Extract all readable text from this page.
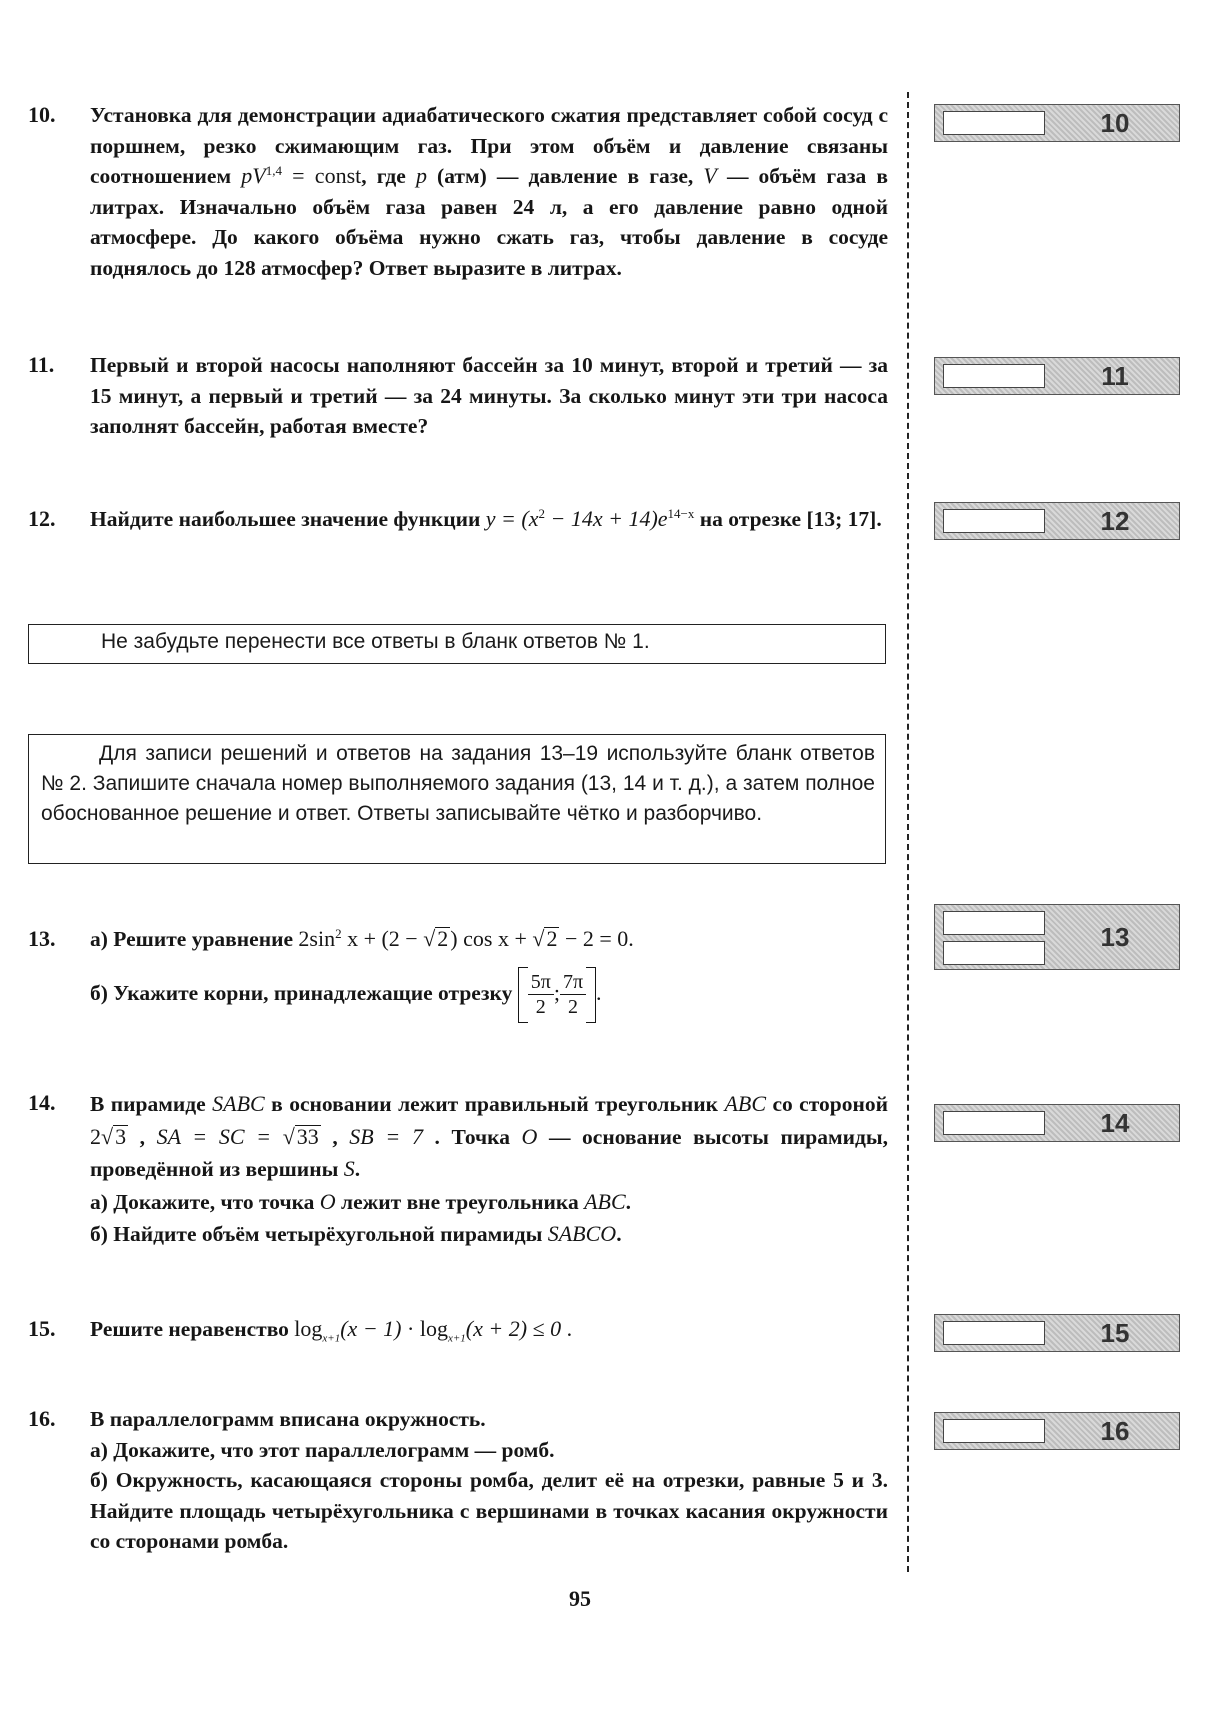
10. Установка для демонстрации адиабатического сжатия представляет собой сосуд с поршнем, резко сжимающим газ. При этом объём и давление связаны соотношением pV$^{1,4}$ = const, где p (атм) — давление в газе, V — объём газа в литрах. Изначально объём газа равен 24 л, а его давление равно одной атмосфере. До какого объёма нужно сжать газ, чтобы давление в сосуде поднялось до 128 атмосфер? Ответ выразите в литрах.
11. Первый и второй насосы наполняют бассейн за 10 минут, второй и третий — за 15 минут, а первый и третий — за 24 минуты. За сколько минут эти три насоса заполнят бассейн, работая вместе?
12. Найдите наибольшее значение функции $y = (x^2 - 14x + 14)e^{14-x}$ на отрезке [13; 17].

Не забудьте перенести все ответы в бланк ответов № 1.

Для записи решений и ответов на задания 13–19 используйте бланк ответов № 2. Запишите сначала номер выполняемого задания (13, 14 и т. д.), а затем полное обоснованное решение и ответ. Ответы записывайте чётко и разборчиво.

13. а) Решите уравнение $2\sin^2$ x + (2 − √2) cos x + √2 − 2 = 0.

б) Укажите корни, принадлежащие отрезку $\frac{5\pi}{2}$ ; $\frac{7\pi}{2}$ .

14. В пирамиде SABC в основании лежит правильный треугольник ABC со стороной 2√3 , SA = SC = √33 , SB = 7 . Точка O — основание высоты пирамиды, проведённой из вершины S.

а) Докажите, что точка O лежит вне треугольника ABC.

б) Найдите объём четырёхугольной пирамиды SABCO.

15. Решите неравенство $\log_{x+1}(x - 1) \cdot \log_{x+1}(x + 2) \le 0$ .
16. В параллелограмм вписана окружность.

а) Докажите, что этот параллелограмм — ромб.

б) Окружность, касающаяся стороны ромба, делит её на отрезки, равные 5 и 3. Найдите площадь четырёхугольника с вершинами в точках касания окружности со сторонами ромба.

10
11
12
13
14
15
16
95
